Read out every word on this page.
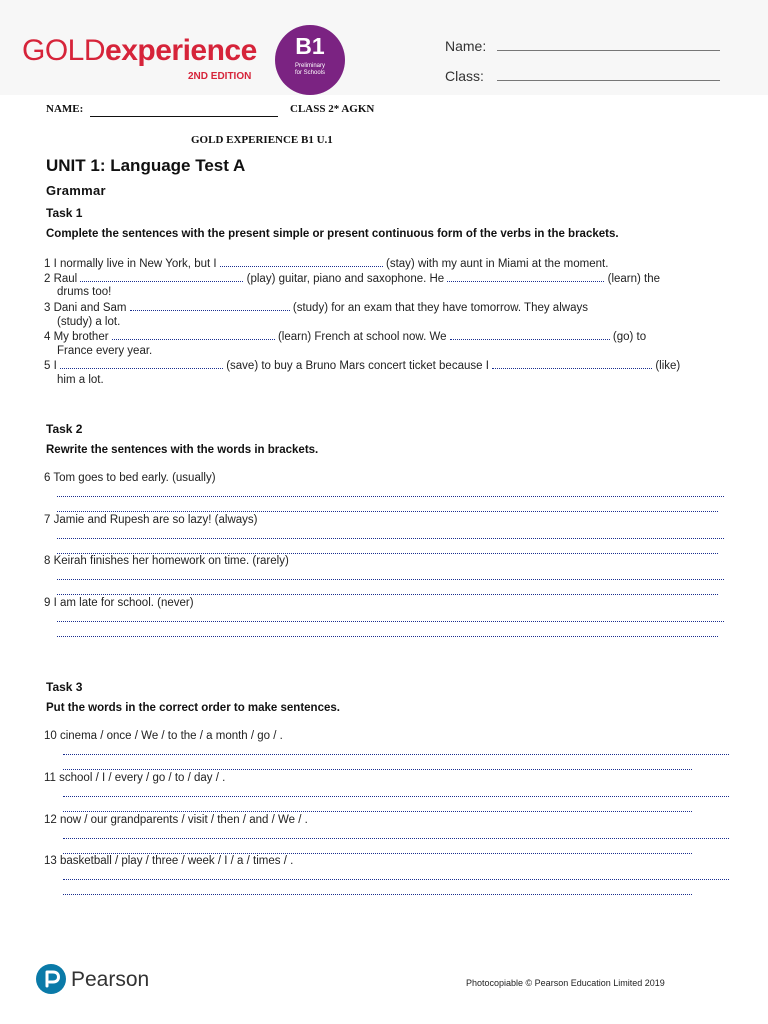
GOLDexperience
2ND EDITION
B1
Preliminary
for Schools
Name:
Class:
NAME:	CLASS 2* AGKN
GOLD EXPERIENCE B1 U.1
UNIT 1: Language Test A
Grammar
Task 1
Complete the sentences with the present simple or present continuous form of the verbs in the brackets.
1 I normally live in New York, but I	(stay) with my aunt in Miami at the moment.
2 Raul	(play) guitar, piano and saxophone. He	(learn) the
drums too!
3 Dani and Sam	(study) for an exam that they have tomorrow. They always
(study) a lot.
4 My brother	(learn) French at school now. We	(go) to
France every year.
5 I	(save) to buy a Bruno Mars concert ticket because I	(like)
him a lot.
Task 2
Rewrite the sentences with the words in brackets.
6 Tom goes to bed early. (usually)
7 Jamie and Rupesh are so lazy! (always)
8 Keirah finishes her homework on time. (rarely)
9 I am late for school. (never)
Task 3
Put the words in the correct order to make sentences.
10 cinema / once / We / to the / a month / go / .
11 school / I / every / go / to / day / .
12 now / our grandparents / visit / then / and / We / .
13 basketball / play / three / week / I / a / times / .
Pearson	Photocopiable © Pearson Education Limited 2019
